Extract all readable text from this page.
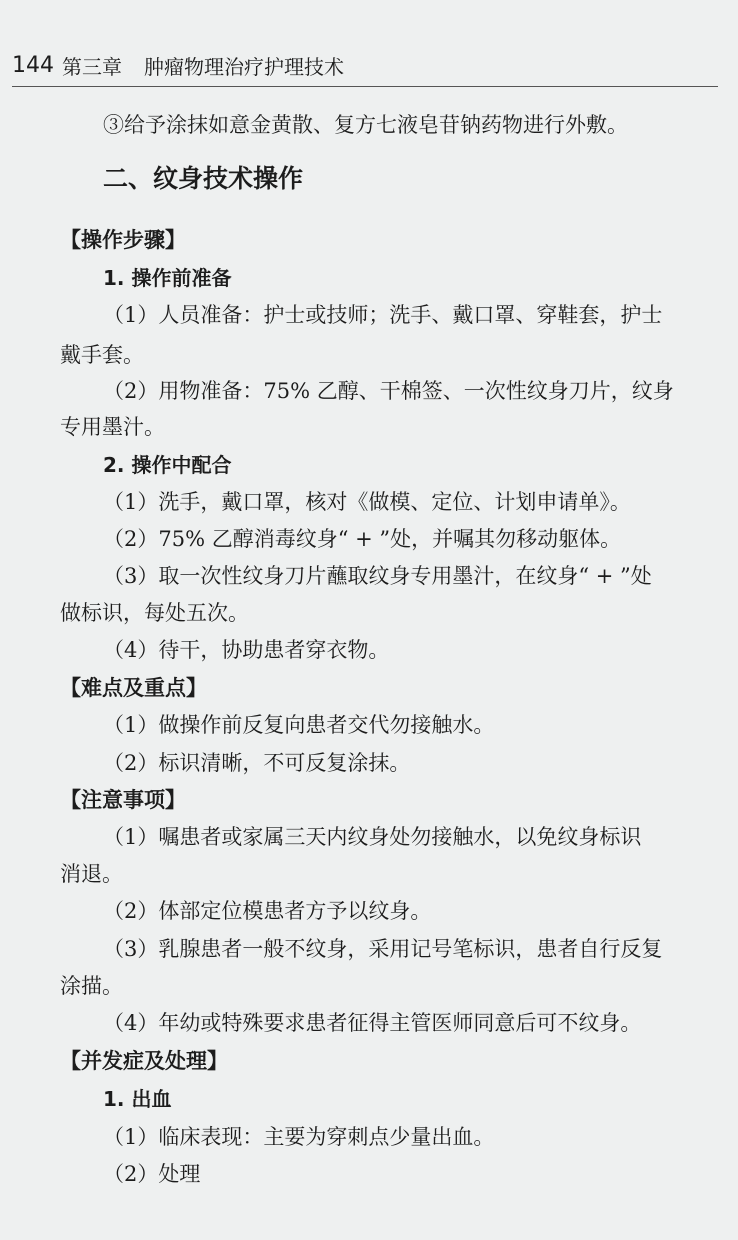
144 第三章 肿瘤物理治疗护理技术
③给予涂抹如意金黄散、复方七液皂苷钠药物进行外敷。
二、纹身技术操作
【操作步骤】
1. 操作前准备
（1）人员准备：护士或技师；洗手、戴口罩、穿鞋套，护士
戴手套。
（2）用物准备：75% 乙醇、干棉签、一次性纹身刀片，纹身
专用墨汁。
2. 操作中配合
（1）洗手，戴口罩，核对《做模、定位、计划申请单》。
（2）75% 乙醇消毒纹身“ + ”处，并嘱其勿移动躯体。
（3）取一次性纹身刀片蘸取纹身专用墨汁，在纹身“ + ”处
做标识，每处五次。
（4）待干，协助患者穿衣物。
【难点及重点】
（1）做操作前反复向患者交代勿接触水。
（2）标识清晰，不可反复涂抹。
【注意事项】
（1）嘱患者或家属三天内纹身处勿接触水，以免纹身标识
消退。
（2）体部定位模患者方予以纹身。
（3）乳腺患者一般不纹身，采用记号笔标识，患者自行反复
涂描。
（4）年幼或特殊要求患者征得主管医师同意后可不纹身。
【并发症及处理】
1. 出血
（1）临床表现：主要为穿刺点少量出血。
（2）处理
